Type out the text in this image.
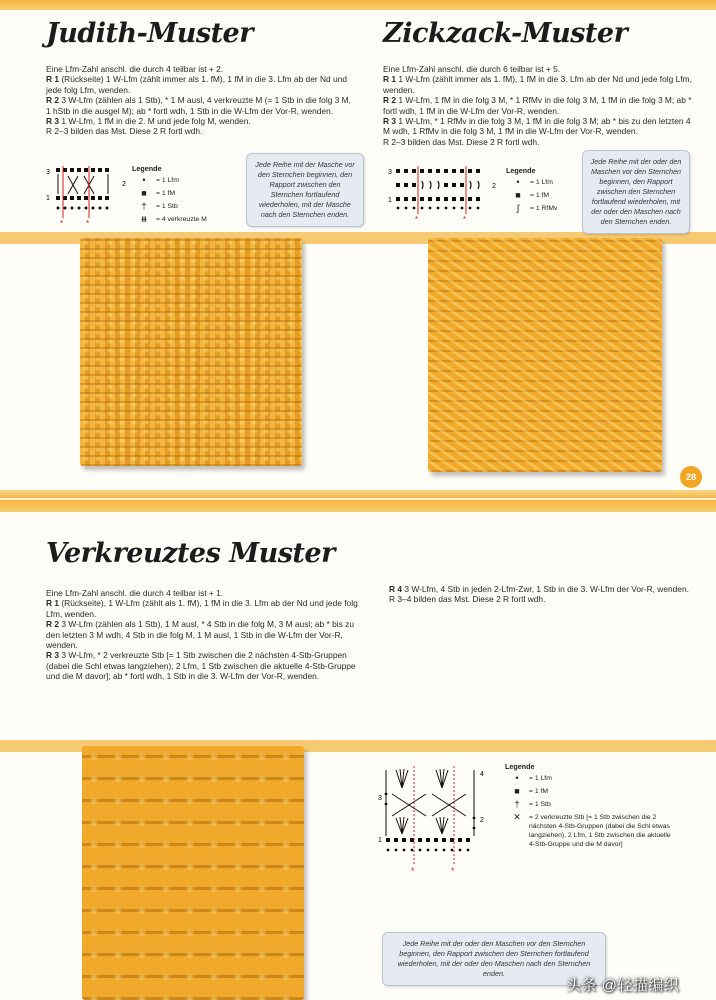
Judith-Muster

Eine Lfm-Zahl anschl. die durch 4 teilbar ist + 2.

R 1 (Rückseite) 1 W-Lfm (zählt immer als 1. fM), 1 fM in die 3. Lfm ab der Nd und jede folg Lfm, wenden.

R 2 3 W-Lfm (zählen als 1 Stb), * 1 M ausl, 4 verkreuzte M (= 1 Stb in die folg 3 M, 1 hStb in die ausgel M); ab * fortl wdh, 1 Stb in die W-Lfm der Vor-R, wenden.

R 3 1 W-Lfm, 1 fM in die 2. M und jede folg M, wenden.

R 2–3 bilden das Mst. Diese 2 R fortl wdh.

3
2
1
*	*
Legende
•	= 1 Lfm
■	= 1 fM
†	= 1 Stb
⧻	= 4 verkreuzte M
Jede Reihe mit der Masche vor den Sternchen beginnen, den Rapport zwischen den Sternchen fortlaufend wiederholen, mit der Masche nach den Sternchen enden.
Zickzack-Muster

Eine Lfm-Zahl anschl. die durch 6 teilbar ist + 5.

R 1 1 W-Lfm (zählt immer als 1. fM), 1 fM in die 3. Lfm ab der Nd und jede folg Lfm, wenden.

R 2 1 W-Lfm, 1 fM in die folg 3 M, * 1 RfMv in die folg 3 M, 1 fM in die folg 3 M; ab * fortl wdh, 1 fM in die W-Lfm der Vor-R, wenden.

R 3 1 W-Lfm, * 1 RfMv in die folg 3 M, 1 fM in die folg 3 M; ab * bis zu den letzten 4 M wdh, 1 RfMv in die folg 3 M, 1 fM in die W-Lfm der Vor-R, wenden.

R 2–3 bilden das Mst. Diese 2 R fortl wdh.

3
2
1
*	*
Legende
•	= 1 Lfm
■	= 1 fM
ʃ	= 1 RfMv
Jede Reihe mit der oder den Maschen vor den Sternchen beginnen, den Rapport zwischen den Sternchen fortlaufend wiederholen, mit der oder den Maschen nach den Sternchen enden.
28
Verkreuztes Muster

Eine Lfm-Zahl anschl. die durch 4 teilbar ist + 1.

R 1 (Rückseite), 1 W-Lfm (zählt als 1. fM), 1 fM in die 3. Lfm ab der Nd und jede folg Lfm, wenden.

R 2 3 W-Lfm (zählen als 1 Stb), 1 M ausl, * 4 Stb in die folg M, 3 M ausl; ab * bis zu den letzten 3 M wdh, 4 Stb in die folg M, 1 M ausl, 1 Stb in die W-Lfm der Vor-R, wenden.

R 3 3 W-Lfm, * 2 verkreuzte Stb [= 1 Stb zwischen die 2 nächsten 4-Stb-Gruppen (dabei die Schl etwas langziehen), 2 Lfm, 1 Stb zwischen die aktuelle 4-Stb-Gruppe und die M davor]; ab * fortl wdh, 1 Stb in die 3. W-Lfm der Vor-R, wenden.

R 4 3 W-Lfm, 4 Stb in jeden 2-Lfm-Zwr, 1 Stb in die 3. W-Lfm der Vor-R, wenden.

R 3–4 bilden das Mst. Diese 2 R fortl wdh.

4
3
2
1
*	*
Legende
•	= 1 Lfm
■	= 1 fM
†	= 1 Stb
✕	= 2 verkreuzte Stb [= 1 Stb zwischen die 2 nächsten 4-Stb-Gruppen (dabei die Schl etwas langziehen), 2 Lfm, 1 Stb zwischen die aktuelle 4-Stb-Gruppe und die M davor]
Jede Reihe mit der oder den Maschen vor den Sternchen beginnen, den Rapport zwischen den Sternchen fortlaufend wiederholen, mit der oder den Maschen nach den Sternchen enden.
头条 @轻描编织
